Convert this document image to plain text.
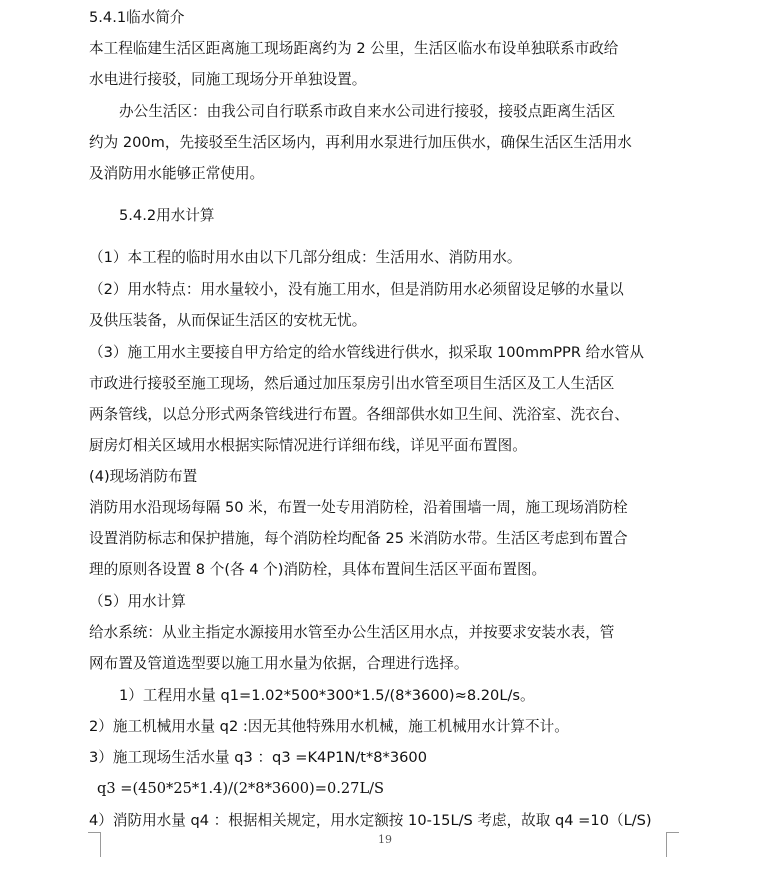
5.4.1临水简介
本工程临建生活区距离施工现场距离约为 2 公里，生活区临水布设单独联系市政给
水电进行接驳，同施工现场分开单独设置。
办公生活区：由我公司自行联系市政自来水公司进行接驳，接驳点距离生活区
约为 200m，先接驳至生活区场内，再利用水泵进行加压供水，确保生活区生活用水
及消防用水能够正常使用。
5.4.2用水计算
（1）本工程的临时用水由以下几部分组成：生活用水、消防用水。
（2）用水特点：用水量较小，没有施工用水，但是消防用水必须留设足够的水量以
及供压装备，从而保证生活区的安枕无忧。
（3）施工用水主要接自甲方给定的给水管线进行供水，拟采取 100mmPPR 给水管从
市政进行接驳至施工现场，然后通过加压泵房引出水管至项目生活区及工人生活区
两条管线，以总分形式两条管线进行布置。各细部供水如卫生间、洗浴室、洗衣台、
厨房灯相关区域用水根据实际情况进行详细布线，详见平面布置图。
(4)现场消防布置
消防用水沿现场每隔 50 米，布置一处专用消防栓，沿着围墙一周，施工现场消防栓
设置消防标志和保护措施，每个消防栓均配备 25 米消防水带。生活区考虑到布置合
理的原则各设置 8 个(各 4 个)消防栓，具体布置间生活区平面布置图。
（5）用水计算
给水系统：从业主指定水源接用水管至办公生活区用水点，并按要求安装水表，管
网布置及管道选型要以施工用水量为依据，合理进行选择。
1）工程用水量 q1=1.02*500*300*1.5/(8*3600)≈8.20L/s。
2）施工机械用水量 q2 :因无其他特殊用水机械，施工机械用水计算不计。
3）施工现场生活水量 q3 ：q3 =K4P1N/t*8*3600
q3 =(450*25*1.4)/(2*8*3600)=0.27L/S
4）消防用水量 q4 ：根据相关规定，用水定额按 10-15L/S 考虑，故取 q4 =10（L/S)
19
